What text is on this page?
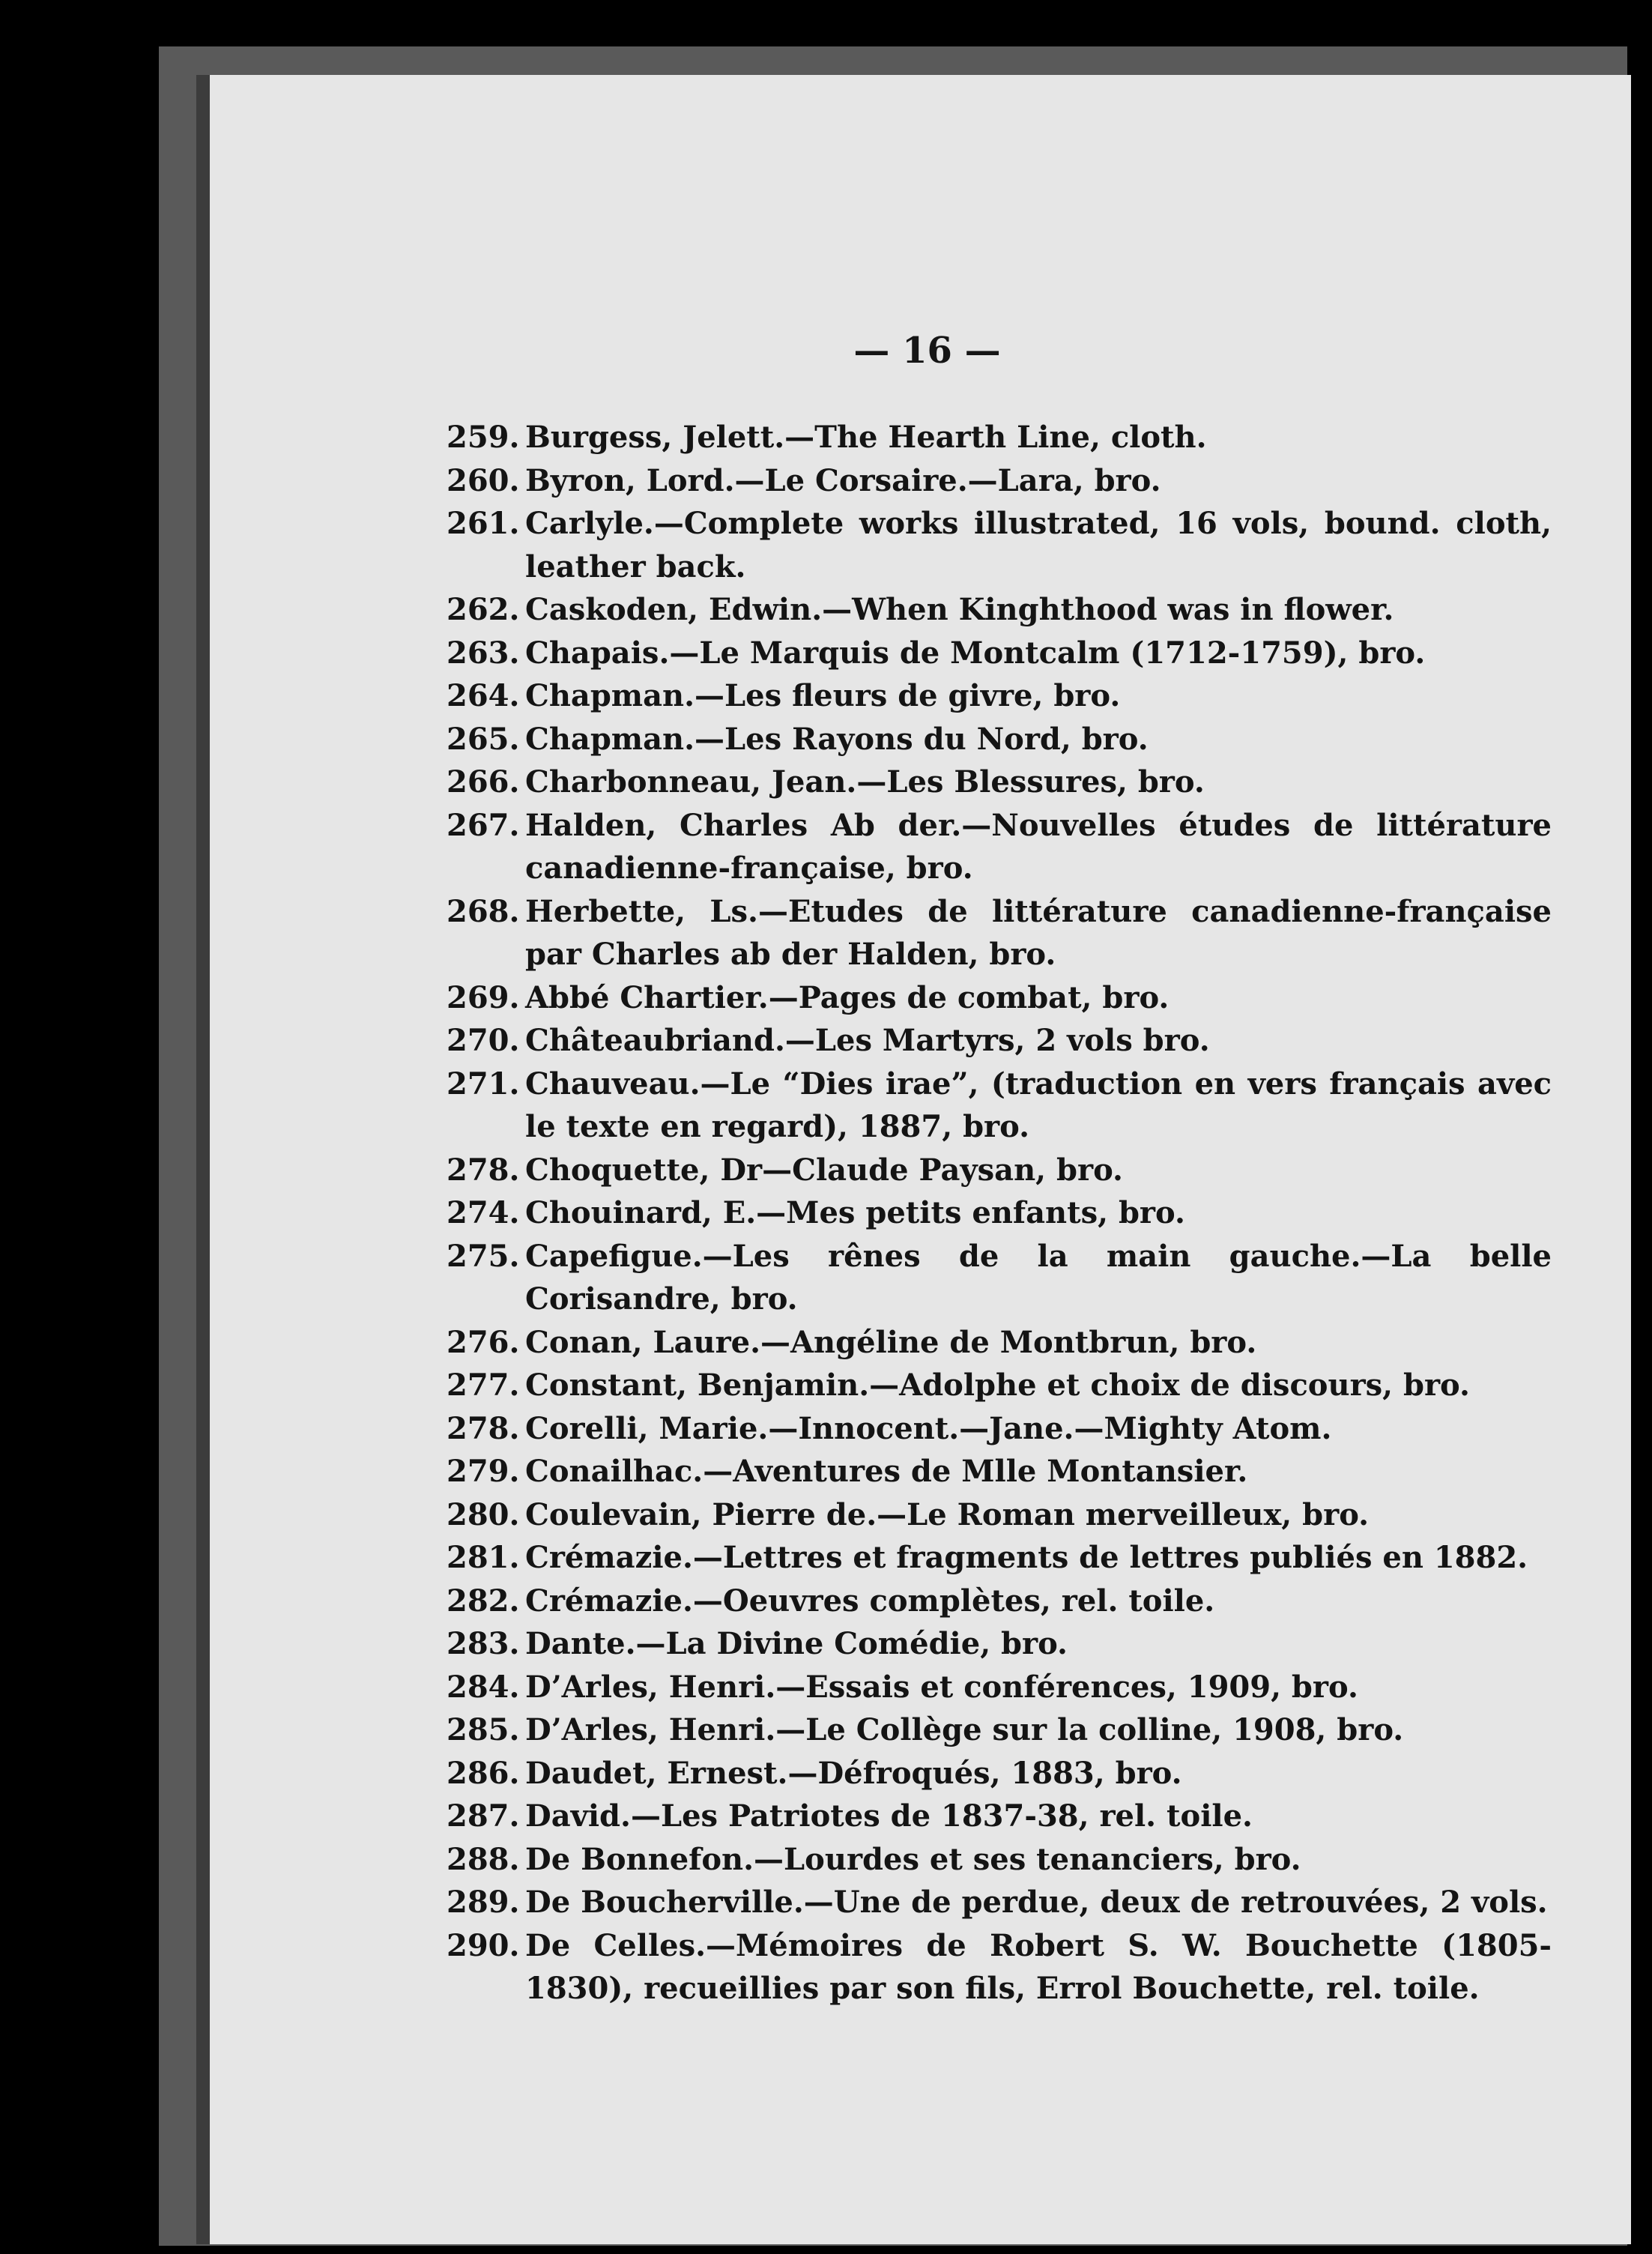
— 16 —
259. Burgess, Jelett.—The Hearth Line, cloth.
260. Byron, Lord.—Le Corsaire.—Lara, bro.
261. Carlyle.—Complete works illustrated, 16 vols, bound. cloth, leather back.
262. Caskoden, Edwin.—When Kinghthood was in flower.
263. Chapais.—Le Marquis de Montcalm (1712-1759), bro.
264. Chapman.—Les fleurs de givre, bro.
265. Chapman.—Les Rayons du Nord, bro.
266. Charbonneau, Jean.—Les Blessures, bro.
267. Halden, Charles Ab der.—Nouvelles études de littérature canadienne-française, bro.
268. Herbette, Ls.—Etudes de littérature canadienne-française par Charles ab der Halden, bro.
269. Abbé Chartier.—Pages de combat, bro.
270. Châteaubriand.—Les Martyrs, 2 vols bro.
271. Chauveau.—Le “Dies irae”, (traduction en vers français avec le texte en regard), 1887, bro.
278. Choquette, Dr—Claude Paysan, bro.
274. Chouinard, E.—Mes petits enfants, bro.
275. Capefigue.—Les rênes de la main gauche.—La belle Corisandre, bro.
276. Conan, Laure.—Angéline de Montbrun, bro.
277. Constant, Benjamin.—Adolphe et choix de discours, bro.
278. Corelli, Marie.—Innocent.—Jane.—Mighty Atom.
279. Conailhac.—Aventures de Mlle Montansier.
280. Coulevain, Pierre de.—Le Roman merveilleux, bro.
281. Crémazie.—Lettres et fragments de lettres publiés en 1882.
282. Crémazie.—Oeuvres complètes, rel. toile.
283. Dante.—La Divine Comédie, bro.
284. D’Arles, Henri.—Essais et conférences, 1909, bro.
285. D’Arles, Henri.—Le Collège sur la colline, 1908, bro.
286. Daudet, Ernest.—Défroqués, 1883, bro.
287. David.—Les Patriotes de 1837-38, rel. toile.
288. De Bonnefon.—Lourdes et ses tenanciers, bro.
289. De Boucherville.—Une de perdue, deux de retrouvées, 2 vols.
290. De Celles.—Mémoires de Robert S. W. Bouchette (1805-1830), recueillies par son fils, Errol Bouchette, rel. toile.
